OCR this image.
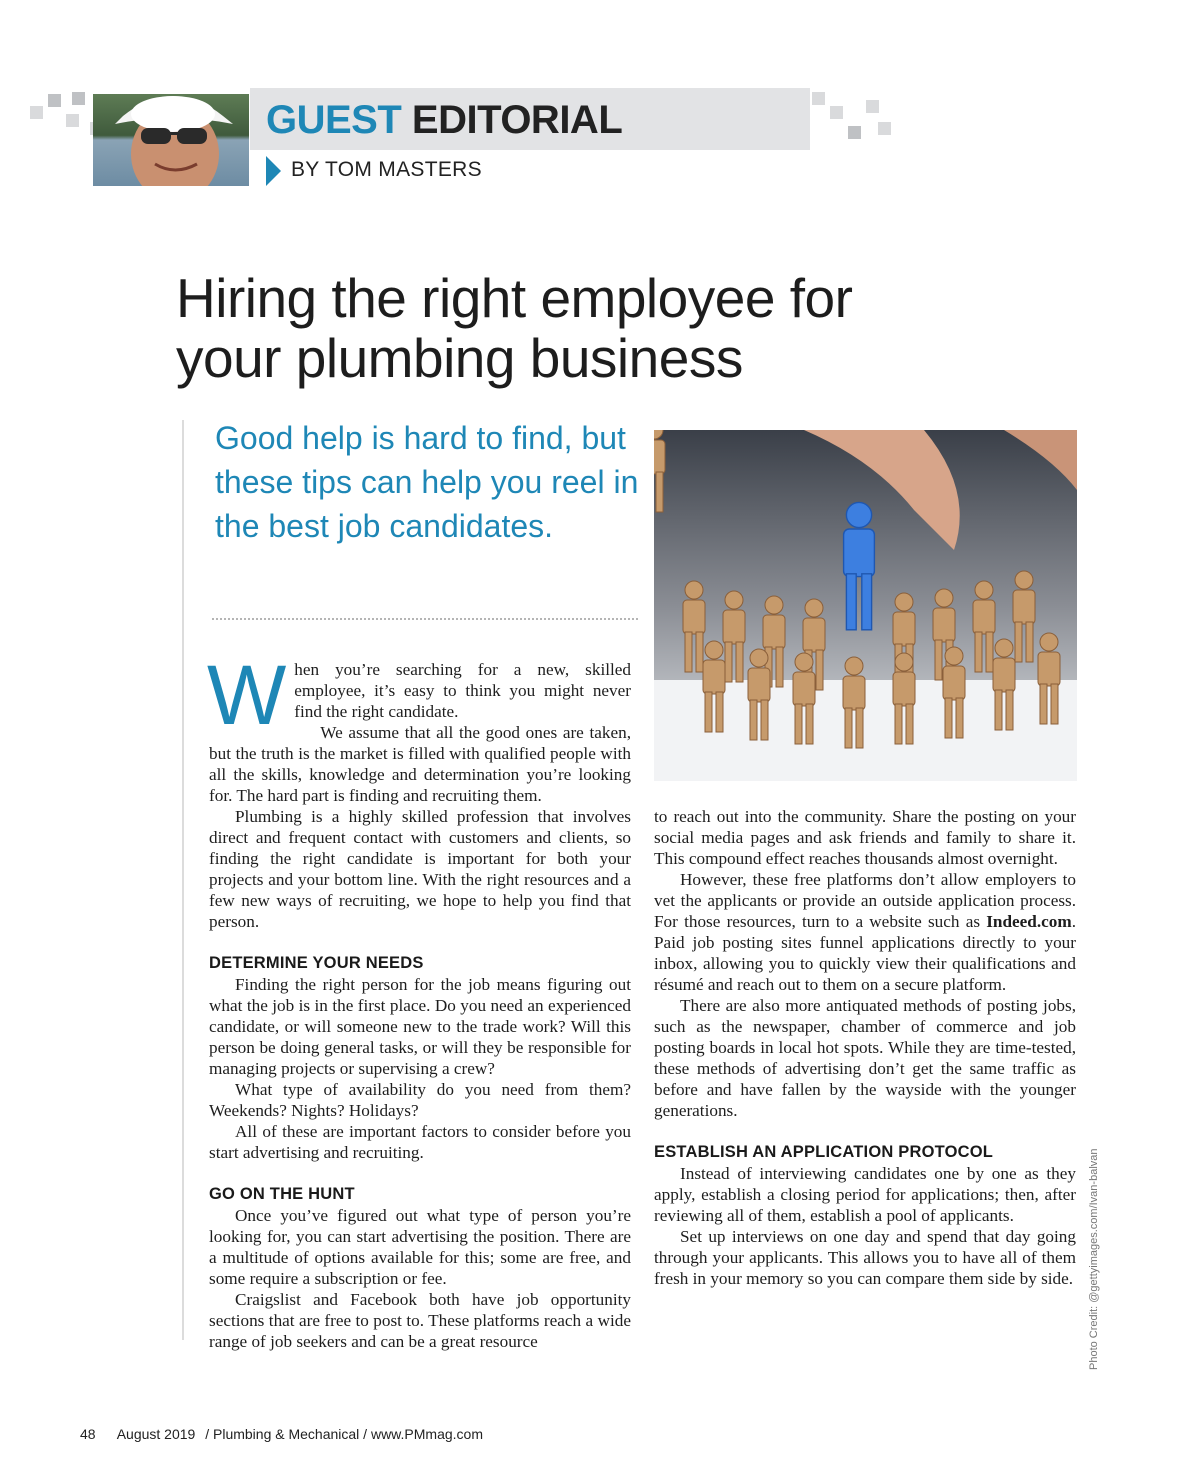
GUEST EDITORIAL
BY TOM MASTERS
Hiring the right employee for
your plumbing business

Good help is hard to find, but these tips can help you reel in the best job candidates.

Photo Credit: @gettyimages.com/Ivan-balvan

When you’re searching for a new, skilled employee, it’s easy to think you might never find the right candidate.

We assume that all the good ones are taken, but the truth is the market is filled with qualified people with all the skills, knowledge and determination you’re looking for. The hard part is finding and recruiting them.

Plumbing is a highly skilled profession that involves direct and frequent contact with customers and clients, so finding the right candidate is important for both your projects and your bottom line. With the right resources and a few new ways of recruiting, we hope to help you find that person.

DETERMINE YOUR NEEDS

Finding the right person for the job means figuring out what the job is in the first place. Do you need an experienced candidate, or will someone new to the trade work? Will this person be doing general tasks, or will they be responsible for managing projects or supervising a crew?

What type of availability do you need from them? Weekends? Nights? Holidays?

All of these are important factors to consider before you start advertising and recruiting.

GO ON THE HUNT

Once you’ve figured out what type of person you’re looking for, you can start advertising the position. There are a multitude of options available for this; some are free, and some require a subscription or fee.

Craigslist and Facebook both have job opportunity sections that are free to post to. These platforms reach a wide range of job seekers and can be a great resource

to reach out into the community. Share the posting on your social media pages and ask friends and family to share it. This compound effect reaches thousands almost overnight.

However, these free platforms don’t allow employers to vet the applicants or provide an outside application process. For those resources, turn to a website such as Indeed.com. Paid job posting sites funnel applications directly to your inbox, allowing you to quickly view their qualifications and résumé and reach out to them on a secure platform.

There are also more antiquated methods of posting jobs, such as the newspaper, chamber of commerce and job posting boards in local hot spots. While they are time-tested, these methods of advertising don’t get the same traffic as before and have fallen by the wayside with the younger generations.

ESTABLISH AN APPLICATION PROTOCOL

Instead of interviewing candidates one by one as they apply, establish a closing period for applications; then, after reviewing all of them, establish a pool of applicants.

Set up interviews on one day and spend that day going through your applicants. This allows you to have all of them fresh in your memory so you can compare them side by side.

48 August 2019 / Plumbing & Mechanical / www.PMmag.com
